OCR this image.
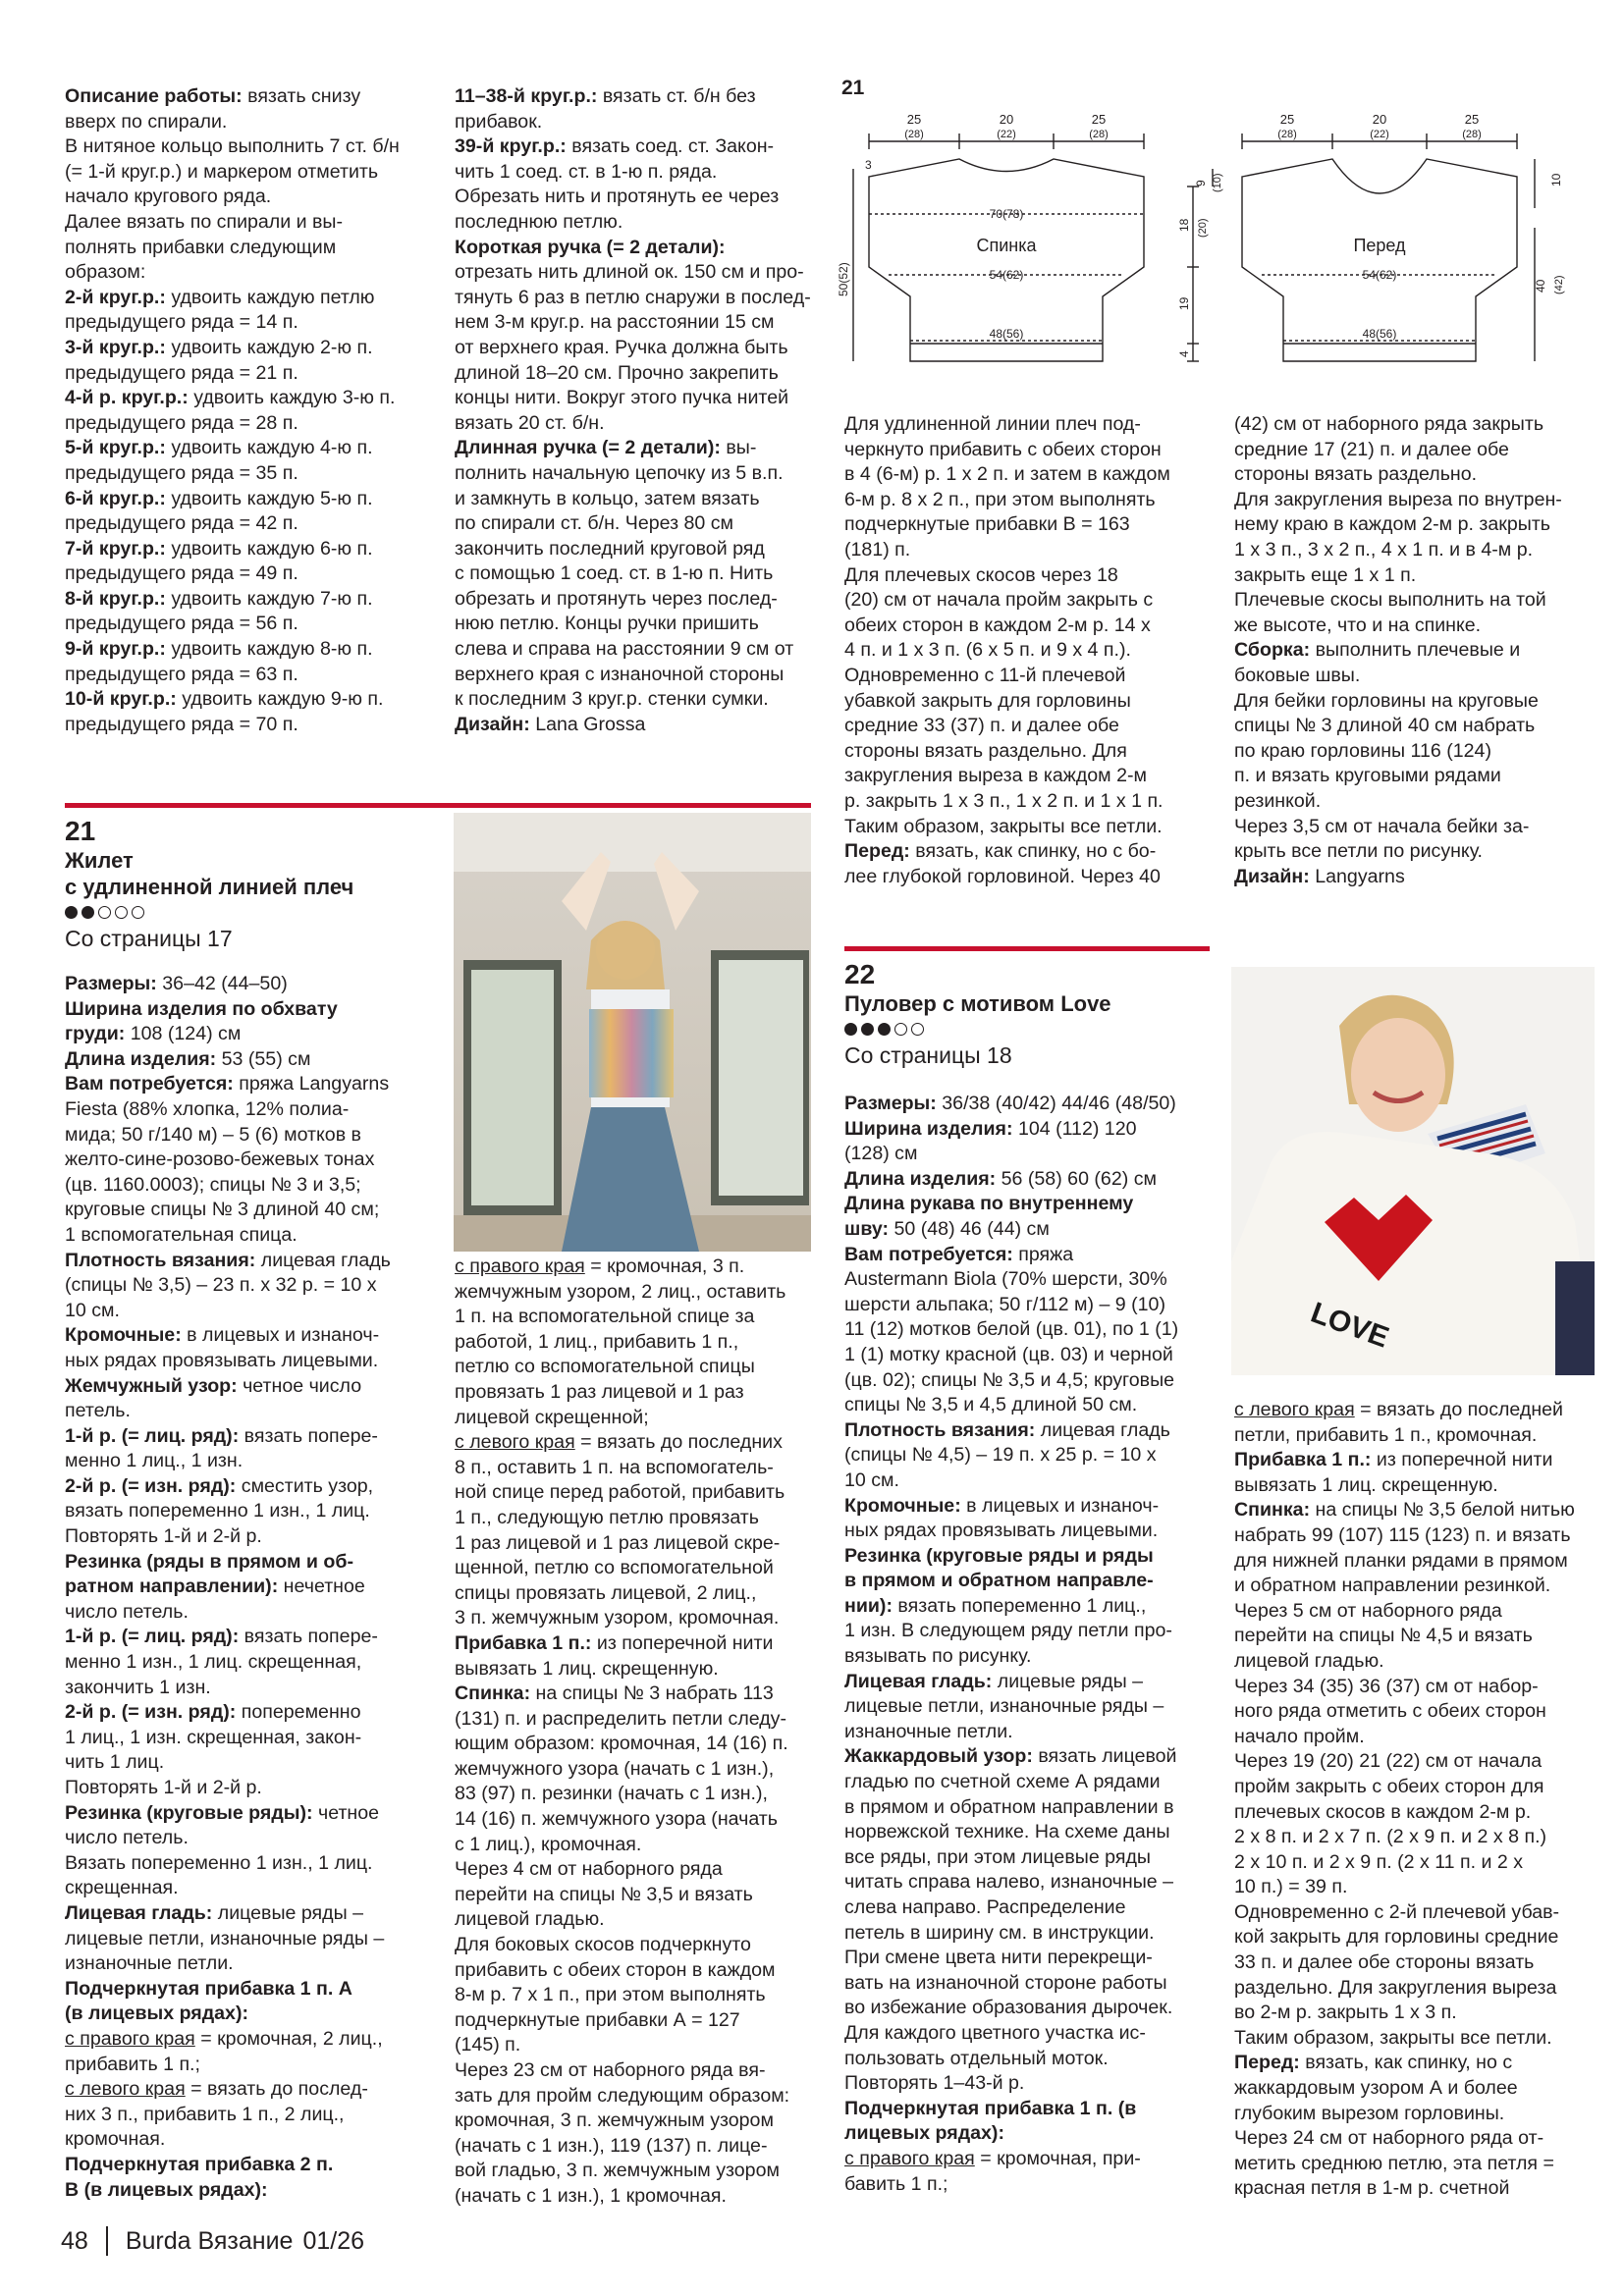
Описание работы: вязать снизу

вверх по спирали.

В нитяное кольцо выполнить 7 ст. б/н

(= 1-й круг.р.) и маркером отметить

начало кругового ряда.

Далее вязать по спирали и вы-

полнять прибавки следующим

образом:

2-й круг.р.: удвоить каждую петлю

предыдущего ряда = 14 п.

3-й круг.р.: удвоить каждую 2-ю п.

предыдущего ряда = 21 п.

4-й р. круг.р.: удвоить каждую 3-ю п.

предыдущего ряда = 28 п.

5-й круг.р.: удвоить каждую 4-ю п.

предыдущего ряда = 35 п.

6-й круг.р.: удвоить каждую 5-ю п.

предыдущего ряда = 42 п.

7-й круг.р.: удвоить каждую 6-ю п.

предыдущего ряда = 49 п.

8-й круг.р.: удвоить каждую 7-ю п.

предыдущего ряда = 56 п.

9-й круг.р.: удвоить каждую 8-ю п.

предыдущего ряда = 63 п.

10-й круг.р.: удвоить каждую 9-ю п.

предыдущего ряда = 70 п.

11–38-й круг.р.: вязать ст. б/н без

прибавок.

39-й круг.р.: вязать соед. ст. Закон-

чить 1 соед. ст. в 1-ю п. ряда.

Обрезать нить и протянуть ее через

последнюю петлю.

Короткая ручка (= 2 детали):

отрезать нить длиной ок. 150 см и про-

тянуть 6 раз в петлю снаружи в послед-

нем 3-м круг.р. на расстоянии 15 см

от верхнего края. Ручка должна быть

длиной 18–20 см. Прочно закрепить

концы нити. Вокруг этого пучка нитей

вязать 20 ст. б/н.

Длинная ручка (= 2 детали): вы-

полнить начальную цепочку из 5 в.п.

и замкнуть в кольцо, затем вязать

по спирали ст. б/н. Через 80 см

закончить последний круговой ряд

с помощью 1 соед. ст. в 1-ю п. Нить

обрезать и протянуть через послед-

нюю петлю. Концы ручки пришить

слева и справа на расстоянии 9 см от

верхнего края с изнаночной стороны

к последним 3 круг.р. стенки сумки.

Дизайн: Lana Grossa

21
Жилет
с удлиненной линией плеч
Со страницы 17

Размеры: 36–42 (44–50)

Ширина изделия по обхвату

груди: 108 (124) см

Длина изделия: 53 (55) см

Вам потребуется: пряжа Langyarns

Fiesta (88% хлопка, 12% полиа-

мида; 50 г/140 м) – 5 (6) мотков в

желто-сине-розово-бежевых тонах

(цв. 1160.0003); спицы № 3 и 3,5;

круговые спицы № 3 длиной 40 см;

1 вспомогательная спица.

Плотность вязания: лицевая гладь

(спицы № 3,5) – 23 п. x 32 р. = 10 x

10 см.

Кромочные: в лицевых и изнаноч-

ных рядах провязывать лицевыми.

Жемчужный узор: четное число

петель.

1-й р. (= лиц. ряд): вязать попере-

менно 1 лиц., 1 изн.

2-й р. (= изн. ряд): сместить узор,

вязать попеременно 1 изн., 1 лиц.

Повторять 1-й и 2-й р.

Резинка (ряды в прямом и об-

ратном направлении): нечетное

число петель.

1-й р. (= лиц. ряд): вязать попере-

менно 1 изн., 1 лиц. скрещенная,

закончить 1 изн.

2-й р. (= изн. ряд): попеременно

1 лиц., 1 изн. скрещенная, закон-

чить 1 лиц.

Повторять 1-й и 2-й р.

Резинка (круговые ряды): четное

число петель.

Вязать попеременно 1 изн., 1 лиц.

скрещенная.

Лицевая гладь: лицевые ряды –

лицевые петли, изнаночные ряды –

изнаночные петли.

Подчеркнутая прибавка 1 п. А

(в лицевых рядах):

с правого края = кромочная, 2 лиц.,

прибавить 1 п.;

с левого края = вязать до послед-

них 3 п., прибавить 1 п., 2 лиц.,

кромочная.

Подчеркнутая прибавка 2 п.

В (в лицевых рядах):

с правого края = кромочная, 3 п.

жемчужным узором, 2 лиц., оставить

1 п. на вспомогательной спице за

работой, 1 лиц., прибавить 1 п.,

петлю со вспомогательной спицы

провязать 1 раз лицевой и 1 раз

лицевой скрещенной;

с левого края = вязать до последних

8 п., оставить 1 п. на вспомогатель-

ной спице перед работой, прибавить

1 п., следующую петлю провязать

1 раз лицевой и 1 раз лицевой скре-

щенной, петлю со вспомогательной

спицы провязать лицевой, 2 лиц.,

3 п. жемчужным узором, кромочная.

Прибавка 1 п.: из поперечной нити

вывязать 1 лиц. скрещенную.

Спинка: на спицы № 3 набрать 113

(131) п. и распределить петли следу-

ющим образом: кромочная, 14 (16) п.

жемчужного узора (начать с 1 изн.),

83 (97) п. резинки (начать с 1 изн.),

14 (16) п. жемчужного узора (начать

с 1 лиц.), кромочная.

Через 4 см от наборного ряда

перейти на спицы № 3,5 и вязать

лицевой гладью.

Для боковых скосов подчеркнуто

прибавить с обеих сторон в каждом

8-м р. 7 x 1 п., при этом выполнять

подчеркнутые прибавки А = 127

(145) п.

Через 23 см от наборного ряда вя-

зать для пройм следующим образом:

кромочная, 3 п. жемчужным узором

(начать с 1 изн.), 119 (137) п. лице-

вой гладью, 3 п. жемчужным узором

(начать с 1 изн.), 1 кромочная.

21
25	20	25
(28)	(22)	(28)
3
70(78)
Спинка
54(62)
48(56)
50(52)
18 (20)
19
4
9 (10)
25	20	25
(28)	(22)	(28)
Перед
54(62)
48(56)
10
40 (42)

Для удлиненной линии плеч под-

черкнуто прибавить с обеих сторон

в 4 (6-м) р. 1 x 2 п. и затем в каждом

6-м р. 8 x 2 п., при этом выполнять

подчеркнутые прибавки В = 163

(181) п.

Для плечевых скосов через 18

(20) см от начала пройм закрыть с

обеих сторон в каждом 2-м р. 14 x

4 п. и 1 x 3 п. (6 x 5 п. и 9 x 4 п.).

Одновременно с 11-й плечевой

убавкой закрыть для горловины

средние 33 (37) п. и далее обе

стороны вязать раздельно. Для

закругления выреза в каждом 2-м

р. закрыть 1 x 3 п., 1 x 2 п. и 1 x 1 п.

Таким образом, закрыты все петли.

Перед: вязать, как спинку, но с бо-

лее глубокой горловиной. Через 40

(42) см от наборного ряда закрыть

средние 17 (21) п. и далее обе

стороны вязать раздельно.

Для закругления выреза по внутрен-

нему краю в каждом 2-м р. закрыть

1 x 3 п., 3 x 2 п., 4 x 1 п. и в 4-м р.

закрыть еще 1 x 1 п.

Плечевые скосы выполнить на той

же высоте, что и на спинке.

Сборка: выполнить плечевые и

боковые швы.

Для бейки горловины на круговые

спицы № 3 длиной 40 см набрать

по краю горловины 116 (124)

п. и вязать круговыми рядами

резинкой.

Через 3,5 см от начала бейки за-

крыть все петли по рисунку.

Дизайн: Langyarns

22
Пуловер с мотивом Love
Со страницы 18
LOVE

Размеры: 36/38 (40/42) 44/46 (48/50)

Ширина изделия: 104 (112) 120

(128) см

Длина изделия: 56 (58) 60 (62) см

Длина рукава по внутреннему

шву: 50 (48) 46 (44) см

Вам потребуется: пряжа

Austermann Biola (70% шерсти, 30%

шерсти альпака; 50 г/112 м) – 9 (10)

11 (12) мотков белой (цв. 01), по 1 (1)

1 (1) мотку красной (цв. 03) и черной

(цв. 02); спицы № 3,5 и 4,5; круговые

спицы № 3,5 и 4,5 длиной 50 см.

Плотность вязания: лицевая гладь

(спицы № 4,5) – 19 п. x 25 р. = 10 x

10 см.

Кромочные: в лицевых и изнаноч-

ных рядах провязывать лицевыми.

Резинка (круговые ряды и ряды

в прямом и обратном направле-

нии): вязать попеременно 1 лиц.,

1 изн. В следующем ряду петли про-

вязывать по рисунку.

Лицевая гладь: лицевые ряды –

лицевые петли, изнаночные ряды –

изнаночные петли.

Жаккардовый узор: вязать лицевой

гладью по счетной схеме А рядами

в прямом и обратном направлении в

норвежской технике. На схеме даны

все ряды, при этом лицевые ряды

читать справа налево, изнаночные –

слева направо. Распределение

петель в ширину см. в инструкции.

При смене цвета нити перекрещи-

вать на изнаночной стороне работы

во избежание образования дырочек.

Для каждого цветного участка ис-

пользовать отдельный моток.

Повторять 1–43-й р.

Подчеркнутая прибавка 1 п. (в

лицевых рядах):

с правого края = кромочная, при-

бавить 1 п.;

с левого края = вязать до последней

петли, прибавить 1 п., кромочная.

Прибавка 1 п.: из поперечной нити

вывязать 1 лиц. скрещенную.

Спинка: на спицы № 3,5 белой нитью

набрать 99 (107) 115 (123) п. и вязать

для нижней планки рядами в прямом

и обратном направлении резинкой.

Через 5 см от наборного ряда

перейти на спицы № 4,5 и вязать

лицевой гладью.

Через 34 (35) 36 (37) см от набор-

ного ряда отметить с обеих сторон

начало пройм.

Через 19 (20) 21 (22) см от начала

пройм закрыть с обеих сторон для

плечевых скосов в каждом 2-м р.

2 x 8 п. и 2 x 7 п. (2 x 9 п. и 2 x 8 п.)

2 x 10 п. и 2 x 9 п. (2 x 11 п. и 2 x

10 п.) = 39 п.

Одновременно с 2-й плечевой убав-

кой закрыть для горловины средние

33 п. и далее обе стороны вязать

раздельно. Для закругления выреза

во 2-м р. закрыть 1 x 3 п.

Таким образом, закрыты все петли.

Перед: вязать, как спинку, но с

жаккардовым узором А и более

глубоким вырезом горловины.

Через 24 см от наборного ряда от-

метить среднюю петлю, эта петля =

красная петля в 1-м р. счетной

48 Burda Вязание 01/26
